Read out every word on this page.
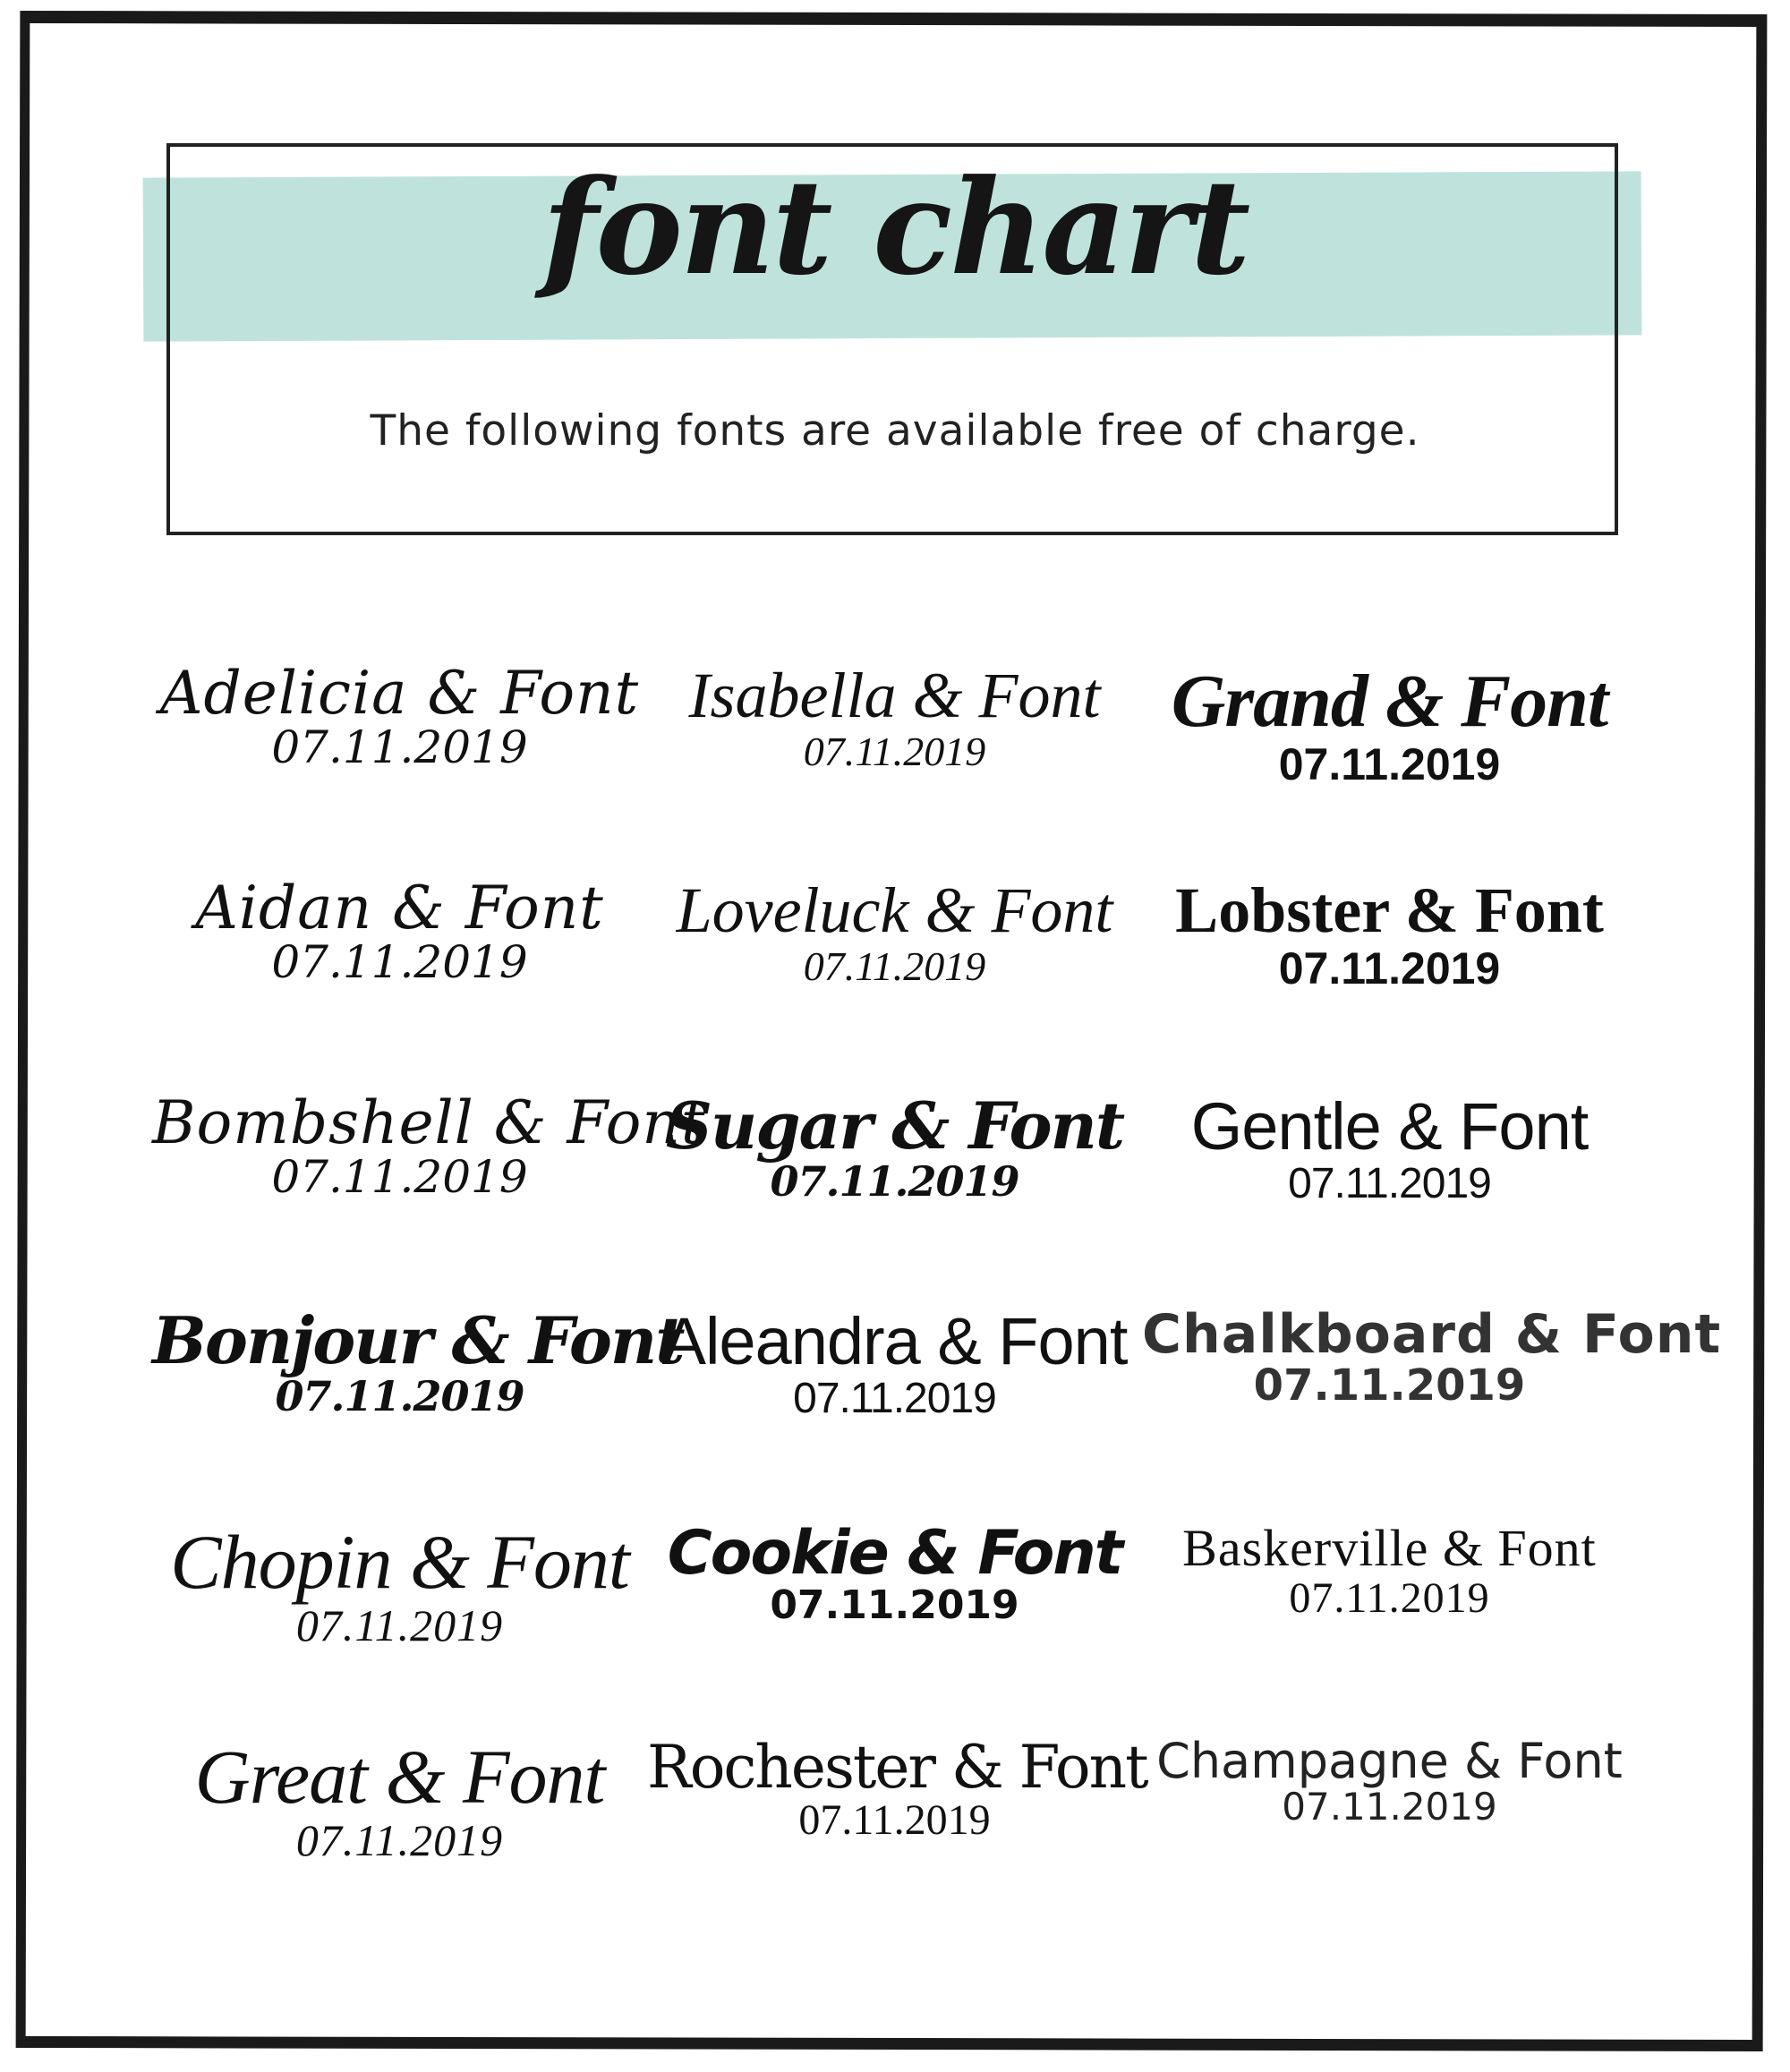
font chart
The following fonts are available free of charge.
Adelicia & Font
07.11.2019
Isabella & Font
07.11.2019
Grand & Font
07.11.2019
Aidan & Font
07.11.2019
Loveluck & Font
07.11.2019
Lobster & Font
07.11.2019
Bombshell & Font
07.11.2019
Sugar & Font
07.11.2019
Gentle & Font
07.11.2019
Bonjour & Font
07.11.2019
Aleandra & Font
07.11.2019
Chalkboard & Font
07.11.2019
Chopin & Font
07.11.2019
Cookie & Font
07.11.2019
Baskerville & Font
07.11.2019
Great & Font
07.11.2019
Rochester & Font
07.11.2019
Champagne & Font
07.11.2019
